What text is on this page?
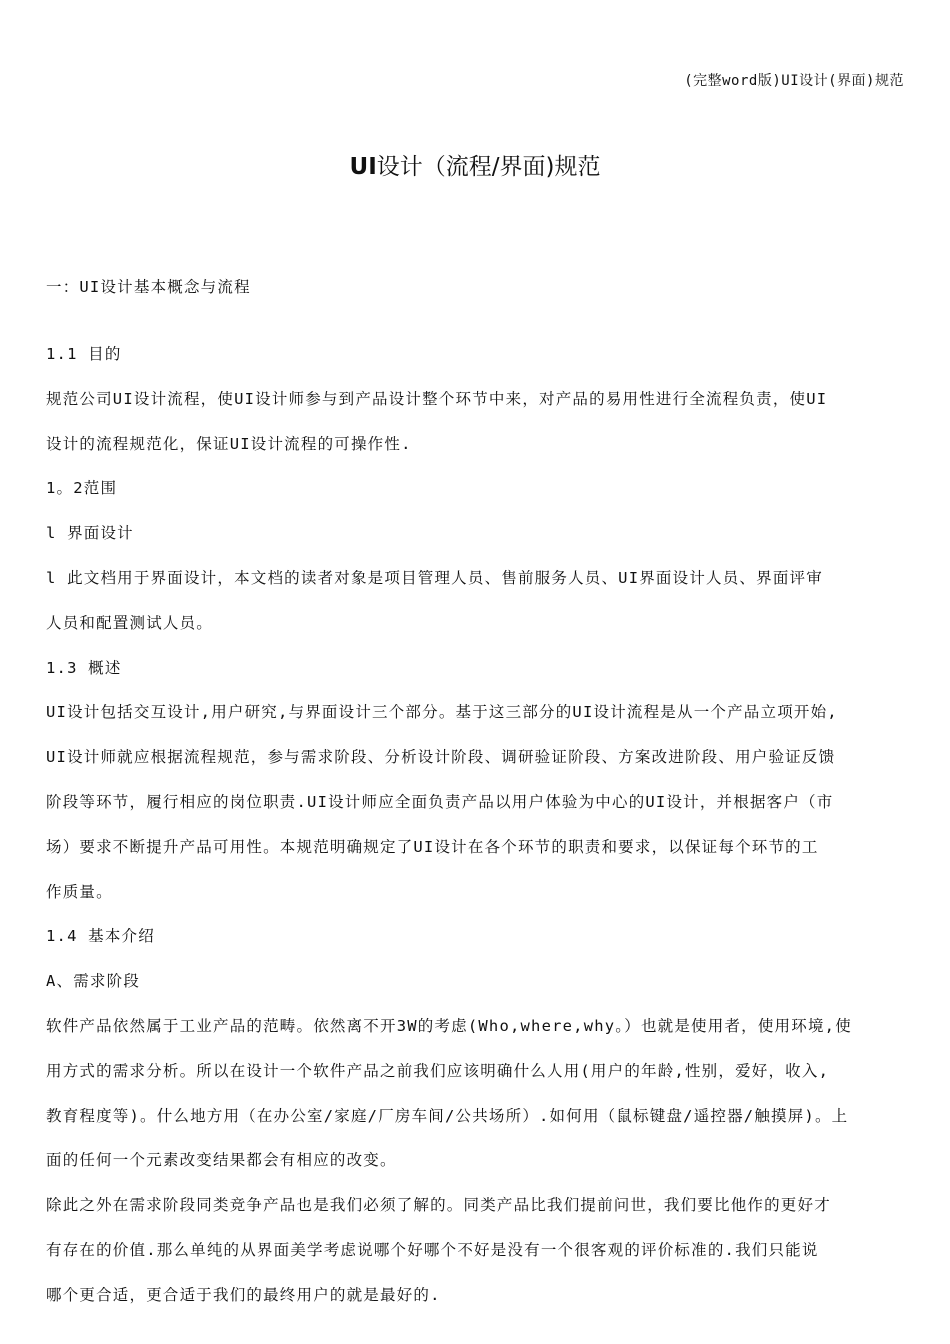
(完整word版)UI设计(界面)规范
UI设计（流程/界面)规范
一：UI设计基本概念与流程
1.1 目的
规范公司UI设计流程，使UI设计师参与到产品设计整个环节中来，对产品的易用性进行全流程负责，使UI
设计的流程规范化，保证UI设计流程的可操作性.
1。2范围
l 界面设计
l 此文档用于界面设计，本文档的读者对象是项目管理人员、售前服务人员、UI界面设计人员、界面评审
人员和配置测试人员。
1.3 概述
UI设计包括交互设计,用户研究,与界面设计三个部分。基于这三部分的UI设计流程是从一个产品立项开始,
UI设计师就应根据流程规范，参与需求阶段、分析设计阶段、调研验证阶段、方案改进阶段、用户验证反馈
阶段等环节，履行相应的岗位职责.UI设计师应全面负责产品以用户体验为中心的UI设计，并根据客户（市
场）要求不断提升产品可用性。本规范明确规定了UI设计在各个环节的职责和要求，以保证每个环节的工
作质量。
1.4 基本介绍
A、需求阶段
软件产品依然属于工业产品的范畴。依然离不开3W的考虑(Who,where,why。）也就是使用者，使用环境,使
用方式的需求分析。所以在设计一个软件产品之前我们应该明确什么人用(用户的年龄,性别，爱好，收入,
教育程度等)。什么地方用（在办公室/家庭/厂房车间/公共场所）.如何用（鼠标键盘/遥控器/触摸屏)。上
面的任何一个元素改变结果都会有相应的改变。
除此之外在需求阶段同类竞争产品也是我们必须了解的。同类产品比我们提前问世，我们要比他作的更好才
有存在的价值.那么单纯的从界面美学考虑说哪个好哪个不好是没有一个很客观的评价标准的.我们只能说
哪个更合适，更合适于我们的最终用户的就是最好的.
